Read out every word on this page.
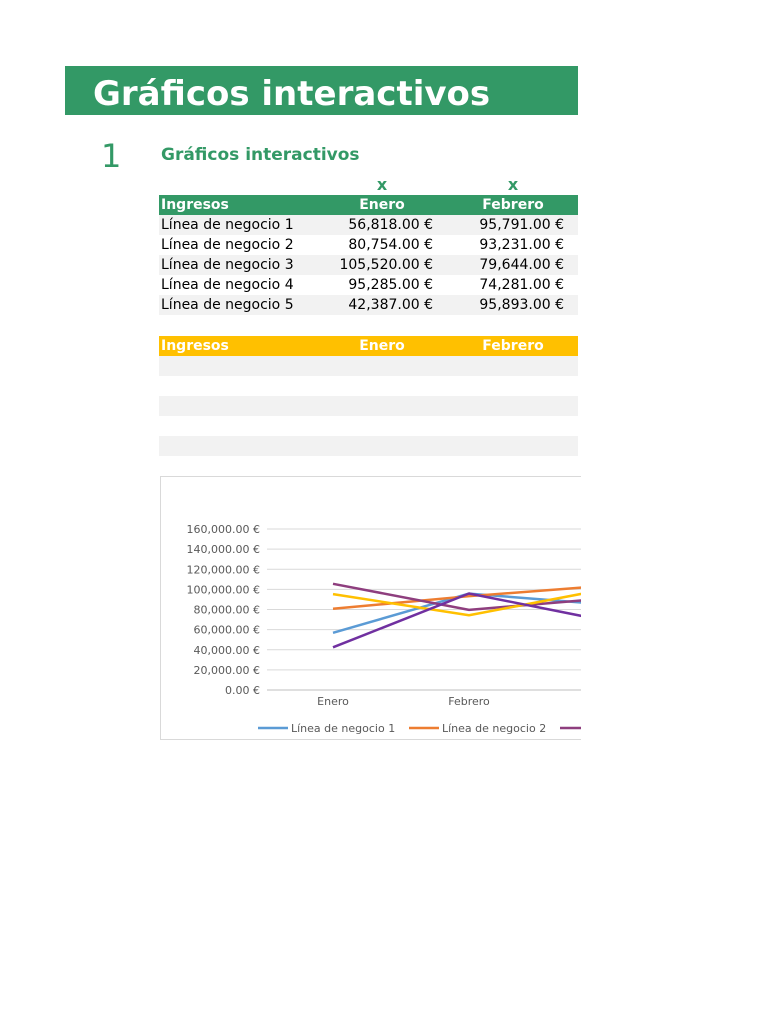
Gráficos interactivos
1 Gráficos interactivos
x	x
Ingresos	Enero	Febrero
Línea de negocio 1	56,818.00 €	95,791.00 €
Línea de negocio 2	80,754.00 €	93,231.00 €
Línea de negocio 3	105,520.00 €	79,644.00 €
Línea de negocio 4	95,285.00 €	74,281.00 €
Línea de negocio 5	42,387.00 €	95,893.00 €
Ingresos	Enero	Febrero
0.00 €
20,000.00 €
40,000.00 €
60,000.00 €
80,000.00 €
100,000.00 €
120,000.00 €
140,000.00 €
160,000.00 €
Enero	Febrero
Línea de negocio 1	Línea de negocio 2
